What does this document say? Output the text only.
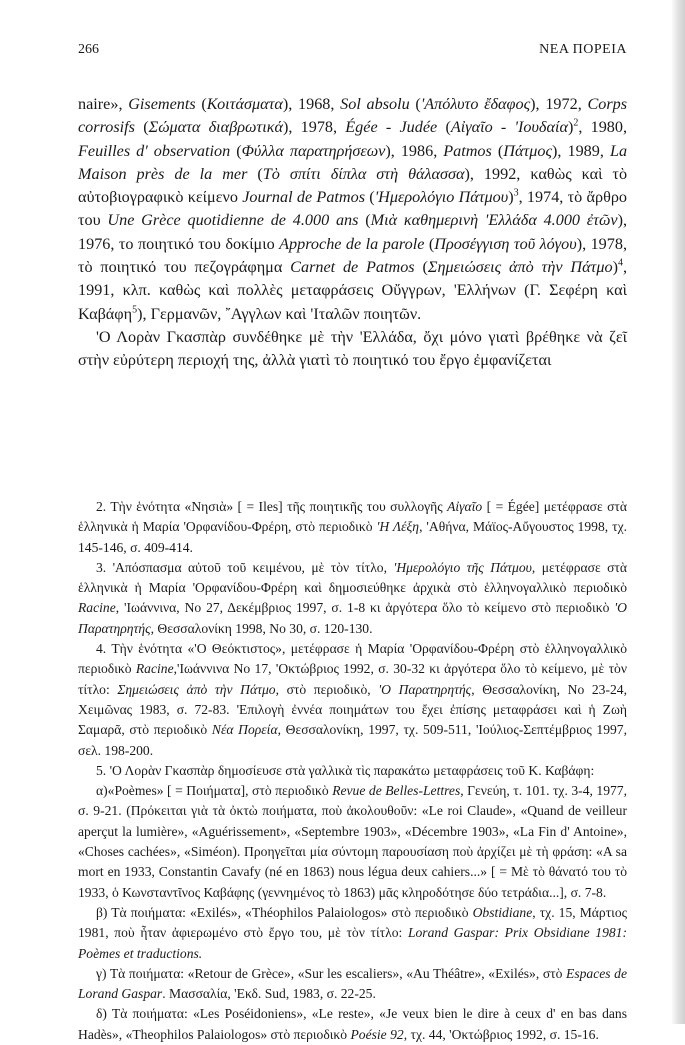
266	ΝΕΑ ΠΟΡΕΙΑ

naire», Gisements (Κοιτάσματα), 1968, Sol absolu ('Απόλυτο ἔδαφος), 1972, Corps corrosifs (Σώματα διαβρωτικά), 1978, Égée - Judée (Αἰγαῖο - 'Ιουδαία)$^2$, 1980, Feuilles d' observation (Φύλλα παρατηρήσεων), 1986, Patmos (Πάτμος), 1989, La Maison près de la mer (Τὸ σπίτι δίπλα στὴ θάλασσα), 1992, καθὼς καὶ τὸ αὐτοβιογραφικὸ κείμενο Journal de Patmos ('Ημερολόγιο Πάτμου)$^3$, 1974, τὸ ἄρθρο του Une Grèce quotidienne de 4.000 ans (Μιὰ καθημερινὴ 'Ελλάδα 4.000 ἐτῶν), 1976, το ποιητικό του δοκίμιο Approche de la parole (Προσέγγιση τοῦ λόγου), 1978, τὸ ποιητικό του πεζογράφημα Carnet de Patmos (Σημειώσεις ἀπὸ τὴν Πάτμο)$^4$, 1991, κλπ. καθὼς καὶ πολλὲς μεταφράσεις Οὔγγρων, 'Ελλήνων (Γ. Σεφέρη καὶ Καβάφη$^5$), Γερμανῶν, ῎Αγγλων καὶ 'Ιταλῶν ποιητῶν.

'Ο Λορὰν Γκασπὰρ συνδέθηκε μὲ τὴν 'Ελλάδα, ὄχι μόνο γιατὶ βρέθηκε νὰ ζεῖ στὴν εὐρύτερη περιοχή της, ἀλλὰ γιατὶ τὸ ποιητικό του ἔργο ἐμφανίζεται

2. Τὴν ἑνότητα «Νησιὰ» [ = Iles] τῆς ποιητικῆς του συλλογῆς Αἰγαῖο [ = Égée] μετέφρασε στὰ ἑλληνικὰ ἡ Μαρία 'Ορφανίδου-Φρέρη, στὸ περιοδικὸ 'Η Λέξη, 'Αθήνα, Μάϊος-Αὔγουστος 1998, τχ. 145-146, σ. 409-414.

3. 'Απόσπασμα αὐτοῦ τοῦ κειμένου, μὲ τὸν τίτλο, 'Ημερολόγιο τῆς Πάτμου, μετέφρασε στὰ ἑλληνικὰ ἡ Μαρία 'Ορφανίδου-Φρέρη καὶ δημοσιεύθηκε ἀρχικὰ στὸ ἑλληνογαλλικὸ περιοδικὸ Racine, 'Ιωάννινα, Νο 27, Δεκέμβριος 1997, σ. 1-8 κι ἀργότερα ὅλο τὸ κείμενο στὸ περιοδικὸ 'Ο Παρατηρητής, Θεσσαλονίκη 1998, Νο 30, σ. 120-130.

4. Τὴν ἑνότητα «'Ο Θεόκτιστος», μετέφρασε ἡ Μαρία 'Ορφανίδου-Φρέρη στὸ ἑλληνογαλλικὸ περιοδικὸ Racine,'Ιωάννινα Νο 17, 'Οκτώβριος 1992, σ. 30-32 κι ἀργότερα ὅλο τὸ κείμενο, μὲ τὸν τίτλο: Σημειώσεις ἀπὸ τὴν Πάτμο, στὸ περιοδικὸ, 'Ο Παρατηρητής, Θεσσαλονίκη, Νο 23-24, Χειμῶνας 1983, σ. 72-83. 'Επιλογὴ ἐννέα ποιημάτων του ἔχει ἐπίσης μεταφράσει καὶ ἡ Ζωὴ Σαμαρᾶ, στὸ περιοδικὸ Νέα Πορεία, Θεσσαλονίκη, 1997, τχ. 509-511, 'Ιούλιος-Σεπτέμβριος 1997, σελ. 198-200.

5. 'Ο Λορὰν Γκασπὰρ δημοσίευσε στὰ γαλλικὰ τὶς παρακάτω μεταφράσεις τοῦ Κ. Καβάφη:

α)«Poèmes» [ = Ποιήματα], στὸ περιοδικὸ Revue de Belles-Lettres, Γενεύη, τ. 101. τχ. 3-4, 1977, σ. 9-21. (Πρόκειται γιὰ τὰ ὀκτὼ ποιήματα, ποὺ ἀκολουθοῦν: «Le roi Claude», «Quand de veilleur aperçut la lumière», «Aguérissement», «Septembre 1903», «Décembre 1903», «La Fin d' Antoine», «Choses cachées», «Siméon). Προηγεῖται μία σύντομη παρουσίαση ποὺ ἀρχίζει μὲ τὴ φράση: «A sa mort en 1933, Constantin Cavafy (né en 1863) nous légua deux cahiers...» [ = Μὲ τὸ θάνατό του τὸ 1933, ὁ Κωνσταντῖνος Καβάφης (γεννημένος τὸ 1863) μᾶς κληροδότησε δύο τετράδια...], σ. 7-8.

β) Τὰ ποιήματα: «Exilés», «Théophilos Palaiologos» στὸ περιοδικὸ Obstidiane, τχ. 15, Μάρτιος 1981, ποὺ ἦταν ἀφιερωμένο στὸ ἔργο του, μὲ τὸν τίτλο: Lorand Gaspar: Prix Obsidiane 1981: Poèmes et traductions.

γ) Τὰ ποιήματα: «Retour de Grèce», «Sur les escaliers», «Au Théâtre», «Exilés», στὸ Espaces de Lorand Gaspar. Μασσαλία, 'Εκδ. Sud, 1983, σ. 22-25.

δ) Τὰ ποιήματα: «Les Poséidoniens», «Le reste», «Je veux bien le dire à ceux d' en bas dans Hadès», «Theophilos Palaiologos» στὸ περιοδικὸ Poésie 92, τχ. 44, 'Οκτώβριος 1992, σ. 15-16.
